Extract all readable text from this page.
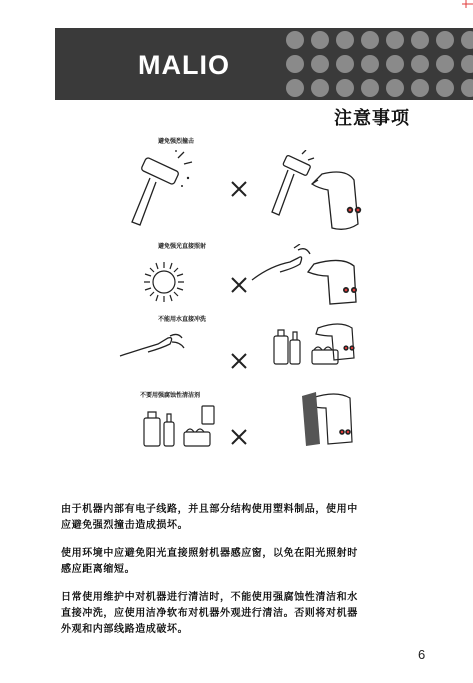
MALIO
注意事项
避免强烈撞击
避免强光直接照射
不能用水直接冲洗
不要用强腐蚀性清洁剂
由于机器内部有电子线路，并且部分结构使用塑料制品，使用中
应避免强烈撞击造成损坏。
使用环境中应避免阳光直接照射机器感应窗，以免在阳光照射时
感应距离缩短。
日常使用维护中对机器进行清洁时，不能使用强腐蚀性清洁和水
直接冲洗，应使用洁净软布对机器外观进行清洁。否则将对机器
外观和内部线路造成破坏。
6
